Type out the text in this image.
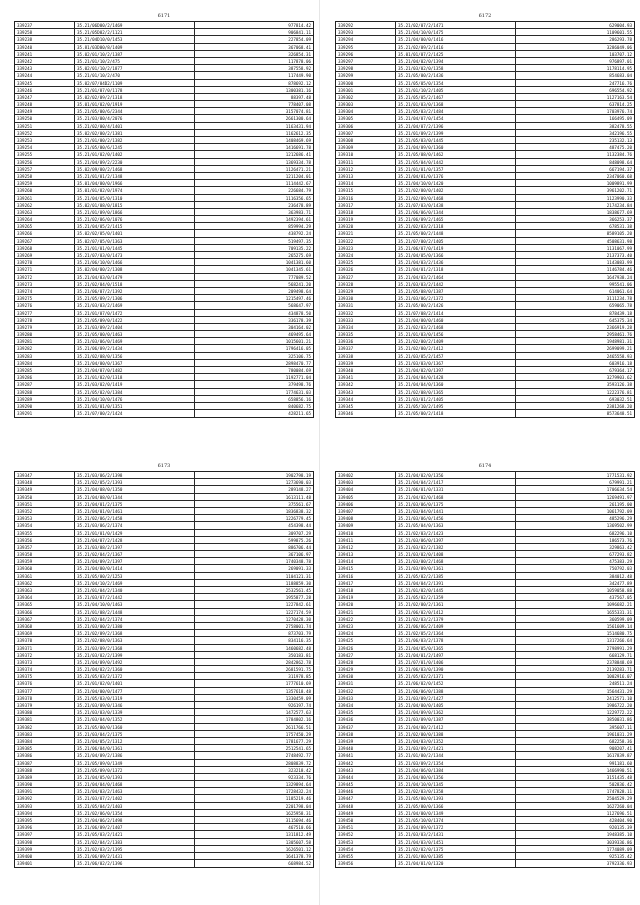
6171
339237	35.21/06D00/2/1469	977814.42
339258	35.21/05D02/2/1121	906841.11
339238	35.21/04D10/0/1453	227854.09
339240	35.81/03D00/8/1409	367068.41
339241	35.02/01/10/2/1387	326854.31
339242	35.21/01/10/2/475	117878.06
339243	35.02/01/10/2/1877	387558.92
339244	35.21/01/10/2/470	117449.90
339245	35.02/07/04D2/1109	878692.12
339246	35.21/01/07/0/1178	1300381.16
339247	35.02/02/09/2/1318	88397.48
339248	35.01/01/02/0/1919	778407.08
339249	35.21/05/00/6/2344	3157074.81
339250	35.21/03/00/4/2076	2661300.64
339251	35.21/02/00/4/1401	1163431.94
339252	35.02/02/00/2/1381	1162612.35
339253	35.21/01/00/2/1382	1408469.69
339254	35.21/05/00/6/1245	1416691.78
339255	35.21/01/02/0/1402	1212686.41
339256	35.21/04/09/2/2230	1369334.78
339257	35.02/09/00/2/1468	1126471.21
339258	35.21/01/01/2/1348	1211204.01
339259	35.01/04/00/0/1966	1114442.67
339260	35.01/01/02/0/1974	226684.79
339261	35.21/04/05/0/1310	1116356.65
339262	35.02/01/08/0/1815	236478.89
339263	35.21/01/09/0/1866	363983.71
339264	35.21/02/06/0/1076	1492394.61
339265	35.21/04/05/2/1415	859994.29
339266	35.02/02/05/0/1401	438792.24
339267	35.02/07/05/0/1363	519497.35
339268	35.21/01/01/0/1445	709135.22
339269	35.21/07/03/0/1473	265275.69
339270	35.21/06/10/0/1466	1041381.60
339271	35.02/04/00/2/1308	1041345.61
339272	35.21/04/03/0/1479	777089.52
339273	35.21/02/04/0/1518	568241.20
339274	35.21/06/07/2/1392	209498.64
339275	35.21/05/09/2/1306	1215497.46
339276	35.21/03/03/2/1469	568647.97
339277	35.21/01/07/0/1472	434878.50
339278	35.21/05/09/0/1422	336178.39
339279	35.21/03/09/2/1404	304164.02
339280	35.21/05/00/0/1463	469495.64
339281	35.21/03/06/0/1469	1015601.21
339282	35.21/06/09/2/1434	1796416.05
339283	35.21/02/08/0/1356	325106.75
339284	35.21/04/00/0/1367	2898470.77
339285	35.21/04/07/0/1482	780084.69
339286	35.21/01/02/0/1318	1192771.04
339287	35.21/03/02/0/1419	379498.76
339288	35.21/05/02/0/1384	1774631.03
339289	35.21/04/10/0/1476	658856.16
339290	35.21/01/01/0/1351	840682.75
339291	35.21/07/00/2/1424	428211.65
6172
339292	35.21/02/07/2/1471	629004.93
339293	35.21/04/10/0/1475	1109601.55
339294	35.21/04/00/0/1416	286293.78
339295	35.21/02/09/2/1416	3286049.06
339296	35.01/01/07/2/1425	103707.12
339297	35.21/04/02/0/1394	976897.01
339298	35.21/03/02/0/1358	1178114.95
339299	35.21/05/00/2/1436	854683.04
339300	35.21/05/05/0/1354	247716.76
339301	35.21/01/10/2/1405	696554.92
339302	35.21/05/05/2/1467	1127163.54
339303	35.21/01/03/0/1368	637814.25
339304	35.21/05/03/2/1484	1703976.74
339305	35.21/04/07/0/1454	166495.09
339306	35.21/04/07/2/1396	382478.55
339307	35.21/01/09/2/1399	342196.55
339308	35.21/05/03/0/1445	235132.13
339309	35.21/04/09/0/1360	487475.20
339310	35.21/05/08/0/1462	1132384.76
339311	35.21/05/04/0/1442	848098.64
339312	35.21/01/01/0/1357	667194.37
339313	35.21/04/01/0/1376	2347060.68
339314	35.21/04/10/0/1420	1009891.99
339315	35.21/02/00/0/1402	3961202.71
339316	35.21/02/09/0/1468	1123990.33
339317	35.21/07/03/0/1438	2174234.84
339318	35.21/06/06/0/1344	1838677.69
339319	35.21/06/09/2/1465	366253.37
339320	35.21/02/03/2/1318	678531.38
339321	35.21/05/00/2/1448	8589105.20
339322	35.21/07/00/2/1405	4508631.98
339323	35.21/06/07/0/1419	1131067.99
339324	35.21/04/05/0/1366	2137373.40
339325	35.21/04/03/2/1436	1143083.99
339326	35.21/04/01/2/1318	1146784.46
339327	35.21/04/03/2/1464	1647938.24
339328	35.21/03/03/2/1442	995541.06
339329	35.21/05/08/0/1387	614061.64
339330	35.21/03/06/2/1372	3111234.78
339331	35.21/05/00/2/1426	659065.78
339332	35.21/07/08/2/1414	878439.18
339333	35.21/04/00/0/1460	645375.34
339334	35.21/02/03/2/1468	2366919.28
339335	35.21/01/03/0/1456	2958461.76
339336	35.21/02/00/2/1409	1948981.31
339337	35.21/02/00/2/1412	2699099.21
339338	35.21/03/05/2/1457	2465558.93
339339	35.21/03/03/0/1367	603916.18
339340	35.21/04/02/0/1397	679364.17
339341	35.21/04/04/0/1428	3279903.62
339342	35.21/04/04/0/1360	3593126.38
339343	35.21/02/08/0/1365	1222376.81
339344	35.21/03/01/2/1405	693032.51
339345	35.21/05/10/2/1495	2381268.20
339346	35.21/05/00/2/1418	8573648.51
6173
339347	35.21/03/06/2/1398	1902798.19
339348	35.21/02/05/2/1393	1273690.03
339349	35.21/04/08/0/1350	289148.27
339350	35.21/04/08/0/1344	1613111.48
339351	35.21/04/01/2/1375	375561.67
339352	35.21/04/01/0/1461	1836838.32
339353	35.21/02/06/2/1458	1226779.45
339354	35.21/03/06/2/1374	454398.44
339355	35.21/01/01/0/1429	309707.29
339356	35.21/04/07/2/1428	599875.26
339357	35.21/03/08/2/1397	886706.44
339358	35.21/02/04/2/1367	367106.97
339359	35.21/04/09/2/1397	1740348.78
339360	35.21/04/00/0/1414	269091.33
339361	35.21/05/00/2/1253	1104121.31
339362	35.21/04/10/2/1469	1188859.30
339363	35.21/01/04/2/1340	2532561.45
339364	35.21/03/07/2/1442	1955877.28
339365	35.21/04/10/0/1463	1227842.61
339366	35.21/01/08/2/1448	1227174.59
339367	35.21/02/04/2/1374	1270428.30
339368	35.21/03/00/2/1380	2758001.74
339369	35.21/02/09/2/1368	873703.79
339370	35.21/02/08/0/1363	834116.35
339371	35.21/03/09/2/1368	1460682.48
339372	35.21/03/02/2/1399	350183.81
339373	35.21/04/09/0/1492	2842862.78
339374	35.21/04/02/2/1360	2681591.75
339375	35.21/05/03/2/1372	311978.85
339376	35.21/01/02/0/1401	1777610.69
339377	35.21/04/00/0/1477	1357618.48
339378	35.21/05/03/0/1319	1330459.09
339379	35.21/03/09/0/1346	926197.74
339380	35.21/03/03/0/1339	1472577.63
339381	35.21/03/04/0/1352	1784802.16
339382	35.21/05/00/0/1360	2611766.51
339383	35.21/03/04/2/1375	1757450.29
339384	35.21/04/05/2/1312	1781677.29
339385	35.21/06/04/0/1361	2512541.65
339386	35.21/04/09/2/1386	2748492.77
339387	35.21/05/09/0/1349	2808839.72
339388	35.21/05/09/0/1372	323218.42
339389	35.21/04/05/0/1393	923334.76
339390	35.21/04/04/0/1468	1329894.64
339391	35.21/04/03/2/1463	1728432.24
339392	35.21/03/07/2/1402	1185219.46
339393	35.21/05/04/2/1403	2201798.04
339394	35.21/02/06/0/1354	1625958.31
339395	35.21/04/06/2/1498	3115694.46
339396	35.21/06/09/2/1407	467510.66
339397	35.21/05/03/2/1421	1311812.49
339398	35.21/02/04/2/1383	1305607.58
339399	35.21/02/03/2/1395	1626501.12
339400	35.21/06/09/2/1431	1641378.79
339401	35.21/06/02/2/1396	668984.52
6174
339402	35.21/04/02/0/1356	1771531.92
339403	35.21/04/04/2/1417	679991.21
339404	35.21/06/01/0/1331	1706634.54
339405	35.21/04/02/0/1468	1269491.97
339406	35.21/03/06/0/1375	261195.00
339407	35.21/03/04/0/1441	1061792.09
339408	35.21/03/06/0/1456	485296.29
339409	35.21/05/04/0/1363	1369502.99
339410	35.21/02/03/2/1423	682296.10
339411	35.21/03/06/0/1397	186573.76
339412	35.21/03/02/2/1382	329863.42
339413	35.21/03/02/0/1408	677293.82
339414	35.21/03/00/2/1468	475383.29
339415	35.21/03/09/0/1361	750792.03
339416	35.21/05/02/2/1385	384012.48
339417	35.21/04/04/2/1391	342477.89
339418	35.21/01/02/0/1445	1059058.88
339419	35.21/05/02/2/1359	437567.05
339420	35.21/02/00/2/1361	1096682.21
339421	35.21/06/02/0/1412	1655331.31
339422	35.21/02/03/2/1379	360599.09
339423	35.21/06/06/2/1409	1561609.14
339424	35.21/02/05/2/1364	1514680.75
339425	35.21/06/03/2/1378	1317266.64
339426	35.21/04/05/0/1365	2798991.29
339427	35.21/04/01/2/1497	668129.71
339428	35.21/07/01/0/1406	2378848.69
339429	35.21/06/03/0/1390	2139283.71
339430	35.21/05/02/2/1371	1002916.07
339431	35.21/06/02/0/1452	248511.24
339432	35.21/06/06/0/1388	1564431.29
339433	35.21/03/09/2/1427	2412571.10
339434	35.21/04/00/0/1405	1986722.20
339435	35.21/04/09/0/1362	1229772.22
339436	35.21/03/09/0/1387	3850031.86
339437	35.21/04/00/2/1412	395607.11
339438	35.21/02/00/0/1388	1961031.29
339439	35.21/04/03/0/1352	682258.36
339440	35.21/03/09/2/1421	908207.41
339441	35.21/01/00/2/1344	1617839.87
339442	35.21/03/09/2/1354	991181.60
339443	35.21/04/06/0/1384	1466990.51
339444	35.21/04/00/0/1356	3151435.48
339445	35.21/04/10/0/1345	502836.42
339446	35.21/02/03/0/1358	1747828.11
339447	35.21/05/00/0/1393	2504529.29
339448	35.21/05/00/0/1366	1627260.04
339449	35.21/04/00/0/1349	1127696.51
339450	35.21/05/10/0/1374	428404.90
339451	35.21/04/09/0/1372	920135.39
339452	35.21/03/03/2/1431	1948385.10
339453	35.21/04/03/0/1451	3039336.86
339454	35.21/02/02/0/1375	1774089.09
339455	35.21/01/00/0/1385	925135.42
339456	35.21/04/01/0/1320	3792336.93
